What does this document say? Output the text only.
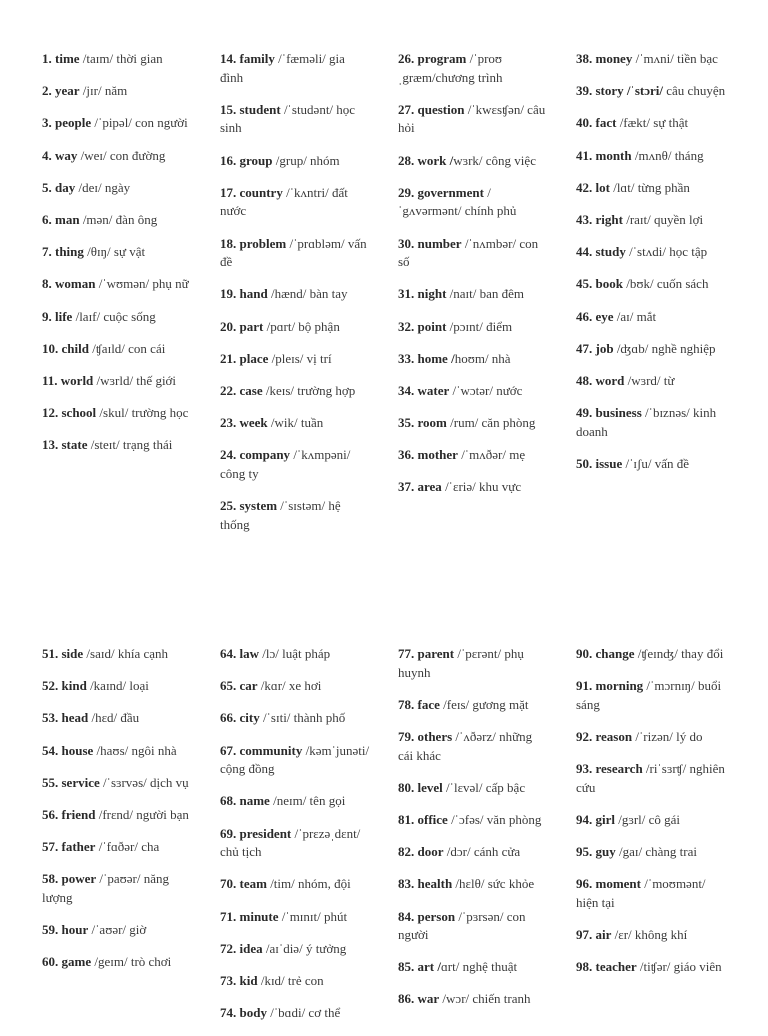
1. time /taɪm/ thời gian

2. year /jɪr/ năm

3. people /ˈpipəl/ con người

4. way /weɪ/ con đường

5. day /deɪ/ ngày

6. man /mən/ đàn ông

7. thing /θɪŋ/ sự vật

8. woman /ˈwʊmən/ phụ nữ

9. life /laɪf/ cuộc sống

10. child /ʧaɪld/ con cái

11. world /wɜrld/ thế giới

12. school /skul/ trường học

13. state /steɪt/ trạng thái

14. family /ˈfæməli/ gia đình

15. student /ˈstudənt/ học sinh

16. group /grup/ nhóm

17. country /ˈkʌntri/ đất nước

18. problem /ˈprɑbləm/ vấn đề

19. hand /hænd/ bàn tay

20. part /pɑrt/ bộ phận

21. place /pleɪs/ vị trí

22. case /keɪs/ trường hợp

23. week /wik/ tuần

24. company /ˈkʌmpəni/ công ty

25. system /ˈsɪstəm/ hệ thống

26. program /ˈproʊˌgræm/chương trình

27. question /ˈkwɛsʧən/ câu hỏi

28. work /wɜrk/ công việc

29. government /ˈgʌvərmənt/ chính phủ

30. number /ˈnʌmbər/ con số

31. night /naɪt/ ban đêm

32. point /pɔɪnt/ điểm

33. home /hoʊm/ nhà

34. water /ˈwɔtər/ nước

35. room /rum/ căn phòng

36. mother /ˈmʌðər/ mẹ

37. area /ˈɛriə/ khu vực

38. money /ˈmʌni/ tiền bạc

39. story /ˈstɔri/ câu chuyện

40. fact /fækt/ sự thật

41. month /mʌnθ/ tháng

42. lot /lɑt/ từng phần

43. right /raɪt/ quyền lợi

44. study /ˈstʌdi/ học tập

45. book /bʊk/ cuốn sách

46. eye /aɪ/ mắt

47. job /ʤɑb/ nghề nghiệp

48. word /wɜrd/ từ

49. business /ˈbɪznəs/ kinh doanh

50. issue /ˈɪʃu/ vấn đề

51. side /saɪd/ khía cạnh

52. kind /kaɪnd/ loại

53. head /hɛd/ đầu

54. house /haʊs/ ngôi nhà

55. service /ˈsɜrvəs/ dịch vụ

56. friend /frɛnd/ người bạn

57. father /ˈfɑðər/ cha

58. power /ˈpaʊər/ năng lượng

59. hour /ˈaʊər/ giờ

60. game /geɪm/ trò chơi

64. law /lɔ/ luật pháp

65. car /kɑr/ xe hơi

66. city /ˈsɪti/ thành phố

67. community /kəmˈjunəti/ cộng đồng

68. name /neɪm/ tên gọi

69. president /ˈprɛzəˌdɛnt/ chủ tịch

70. team /tim/ nhóm, đội

71. minute /ˈmɪnɪt/ phút

72. idea /aɪˈdiə/ ý tưởng

73. kid /kɪd/ trẻ con

74. body /ˈbɑdi/ cơ thể

77. parent /ˈpɛrənt/ phụ huynh

78. face /feɪs/ gương mặt

79. others /ˈʌðərz/ những cái khác

80. level /ˈlɛvəl/ cấp bậc

81. office /ˈɔfəs/ văn phòng

82. door /dɔr/ cánh cửa

83. health /hɛlθ/ sức khỏe

84. person /ˈpɜrsən/ con người

85. art /ɑrt/ nghệ thuật

86. war /wɔr/ chiến tranh

90. change /ʧeɪnʤ/ thay đổi

91. morning /ˈmɔrnɪŋ/ buổi sáng

92. reason /ˈrizən/ lý do

93. research /riˈsɜrʧ/ nghiên cứu

94. girl /gɜrl/ cô gái

95. guy /gaɪ/ chàng trai

96. moment /ˈmoʊmənt/ hiện tại

97. air /ɛr/ không khí

98. teacher /tiʧər/ giáo viên
